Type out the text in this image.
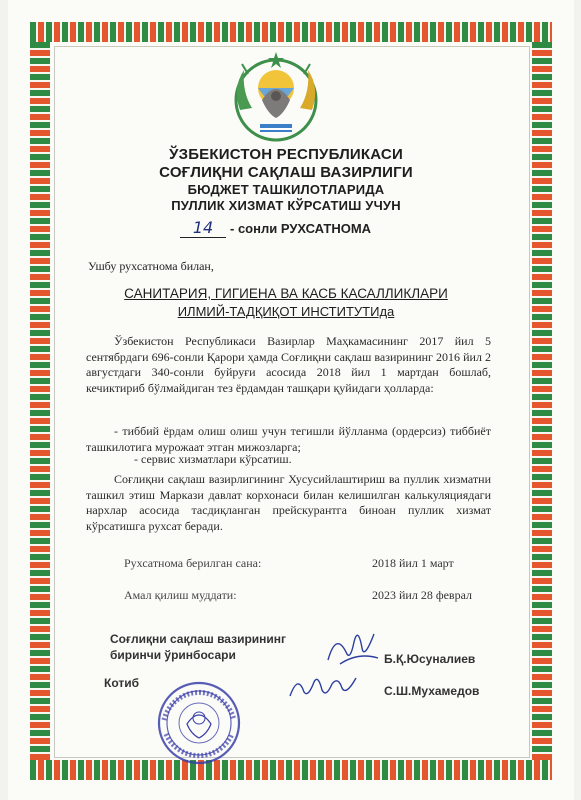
ЎЗБЕКИСТОН РЕСПУБЛИКАСИ
СОҒЛИҚНИ САҚЛАШ ВАЗИРЛИГИ
БЮДЖЕТ ТАШКИЛОТЛАРИДА
ПУЛЛИК ХИЗМАТ КЎРСАТИШ УЧУН
14 - сонли РУХСАТНОМА
Ушбу рухсатнома билан,
САНИТАРИЯ, ГИГИЕНА ВА КАСБ КАСАЛЛИКЛАРИ
ИЛМИЙ-ТАДҚИҚОТ ИНСТИТУТИда
Ўзбекистон Республикаси Вазирлар Маҳкамасининг 2017 йил 5 сентябрдаги 696-сонли Қарори ҳамда Соғлиқни сақлаш вазирининг 2016 йил 2 августдаги 340-сонли буйруғи асосида 2018 йил 1 мартдан бошлаб, кечиктириб бўлмайдиган тез ёрдамдан ташқари қуйидаги ҳолларда:
- тиббий ёрдам олиш олиш учун тегишли йўлланма (ордерсиз) тиббиёт ташкилотига мурожаат этган мижозларга;
- сервис хизматлари кўрсатиш.
Соғлиқни сақлаш вазирлигининг Хусусийлаштириш ва пуллик хизматни ташкил этиш Маркази давлат корхонаси билан келишилган калькуляциядаги нархлар асосида тасдиқланган прейскурантга биноан пуллик хизмат кўрсатишга рухсат беради.
Рухсатнома берилган сана:	2018 йил 1 март
Амал қилиш муддати:	2023 йил 28 феврал
Соғлиқни сақлаш вазирининг
биринчи ўринбосари	Б.Қ.Юсуналиев
Котиб
С.Ш.Мухамедов
